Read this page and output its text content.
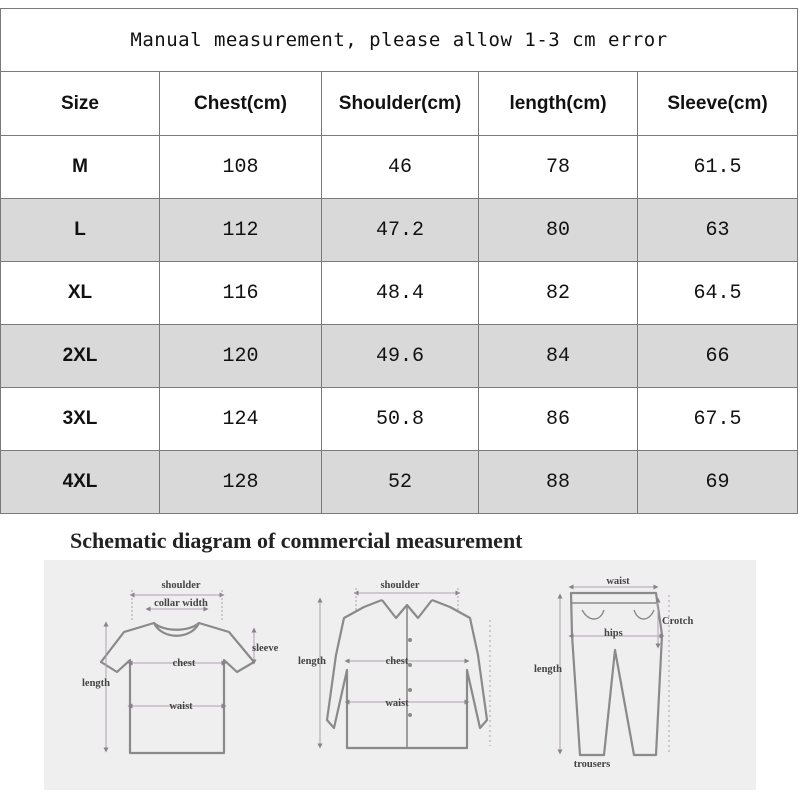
Manual measurement, please allow 1-3 cm error				
Size	Chest(cm)	Shoulder(cm)	length(cm)	Sleeve(cm)
M	108	46	78	61.5
L	112	47.2	80	63
XL	116	48.4	82	64.5
2XL	120	49.6	84	66
3XL	124	50.8	86	67.5
4XL	128	52	88	69
Schematic diagram of commercial measurement
shoulder
collar width
sleeve
chest
length
waist
shoulder
length	chest
waist
waist
hips
Crotch
length
trousers
